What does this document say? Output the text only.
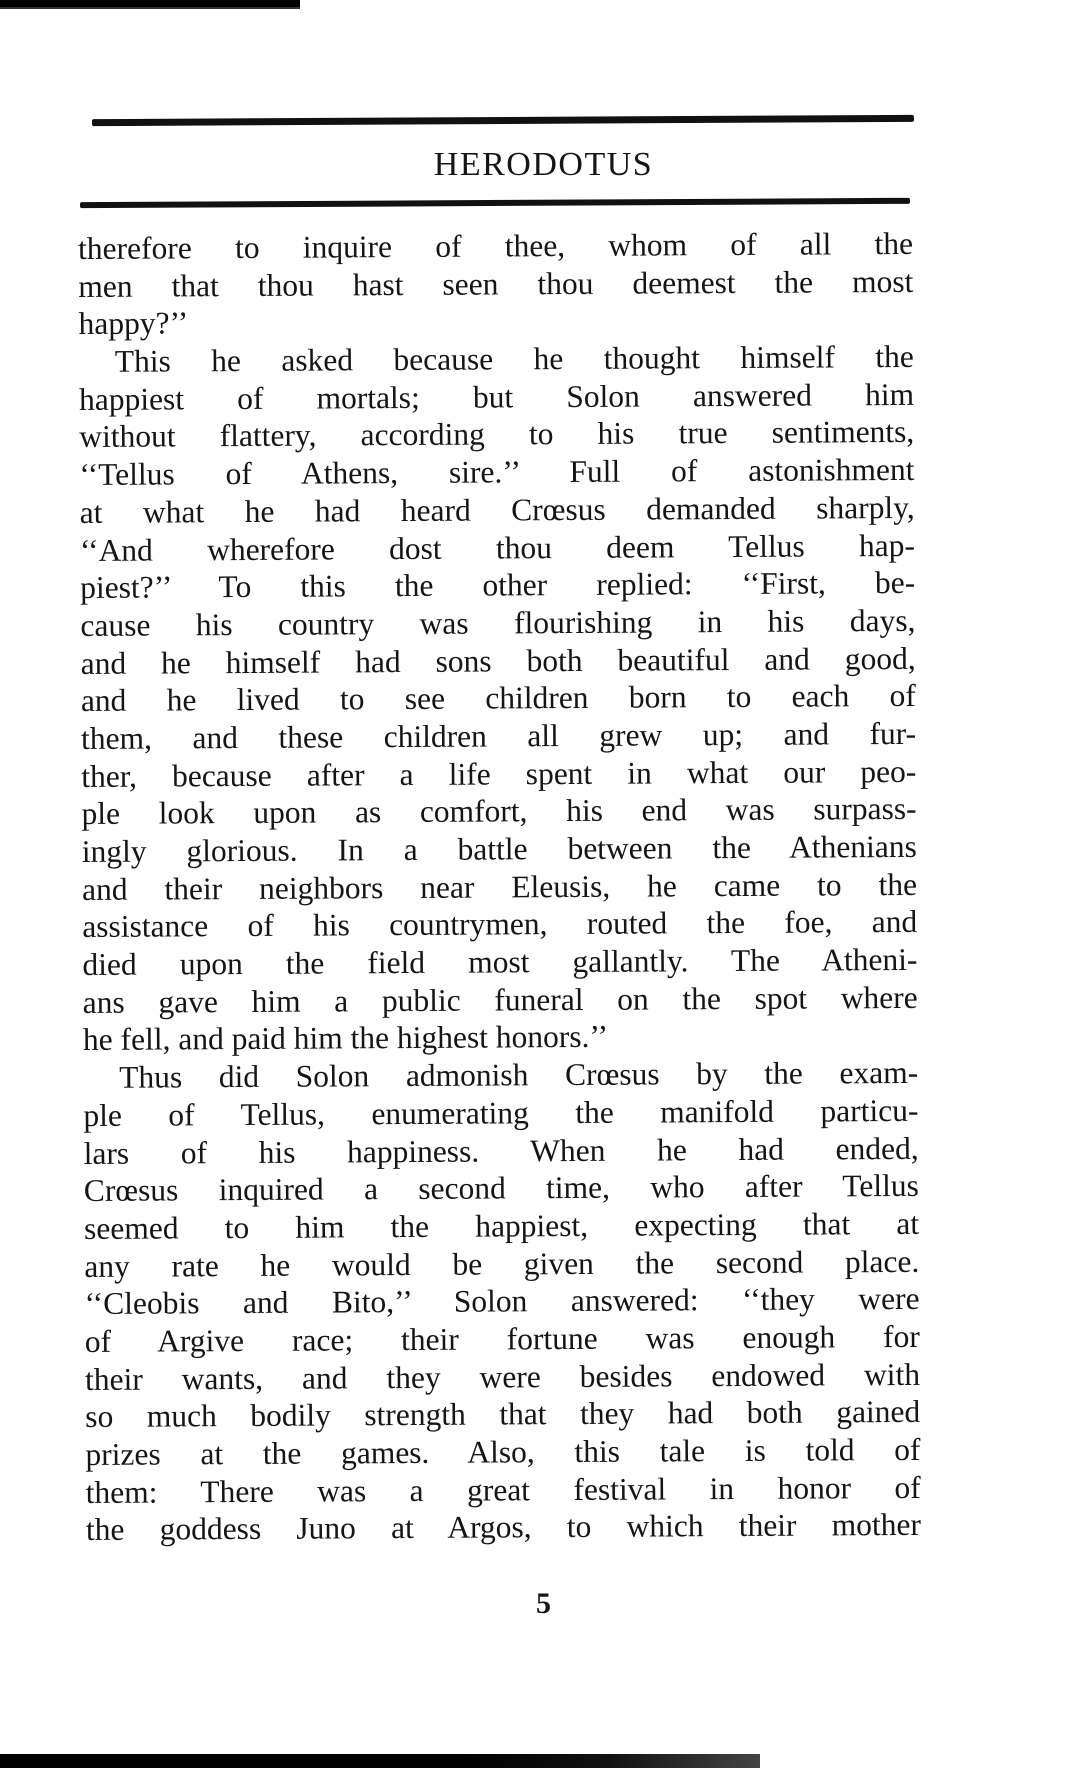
HERODOTUS
therefore to inquire of thee, whom of all the
men that thou hast seen thou deemest the most
happy?’’
This he asked because he thought himself the
happiest of mortals; but Solon answered him
without flattery, according to his true sentiments,
‘‘Tellus of Athens, sire.’’ Full of astonishment
at what he had heard Crœsus demanded sharply,
‘‘And wherefore dost thou deem Tellus hap-
piest?’’ To this the other replied: ‘‘First, be-
cause his country was flourishing in his days,
and he himself had sons both beautiful and good,
and he lived to see children born to each of
them, and these children all grew up; and fur-
ther, because after a life spent in what our peo-
ple look upon as comfort, his end was surpass-
ingly glorious. In a battle between the Athenians
and their neighbors near Eleusis, he came to the
assistance of his countrymen, routed the foe, and
died upon the field most gallantly. The Atheni-
ans gave him a public funeral on the spot where
he fell, and paid him the highest honors.’’
Thus did Solon admonish Crœsus by the exam-
ple of Tellus, enumerating the manifold particu-
lars of his happiness. When he had ended,
Crœsus inquired a second time, who after Tellus
seemed to him the happiest, expecting that at
any rate he would be given the second place.
‘‘Cleobis and Bito,’’ Solon answered: ‘‘they were
of Argive race; their fortune was enough for
their wants, and they were besides endowed with
so much bodily strength that they had both gained
prizes at the games. Also, this tale is told of
them: There was a great festival in honor of
the goddess Juno at Argos, to which their mother
5
